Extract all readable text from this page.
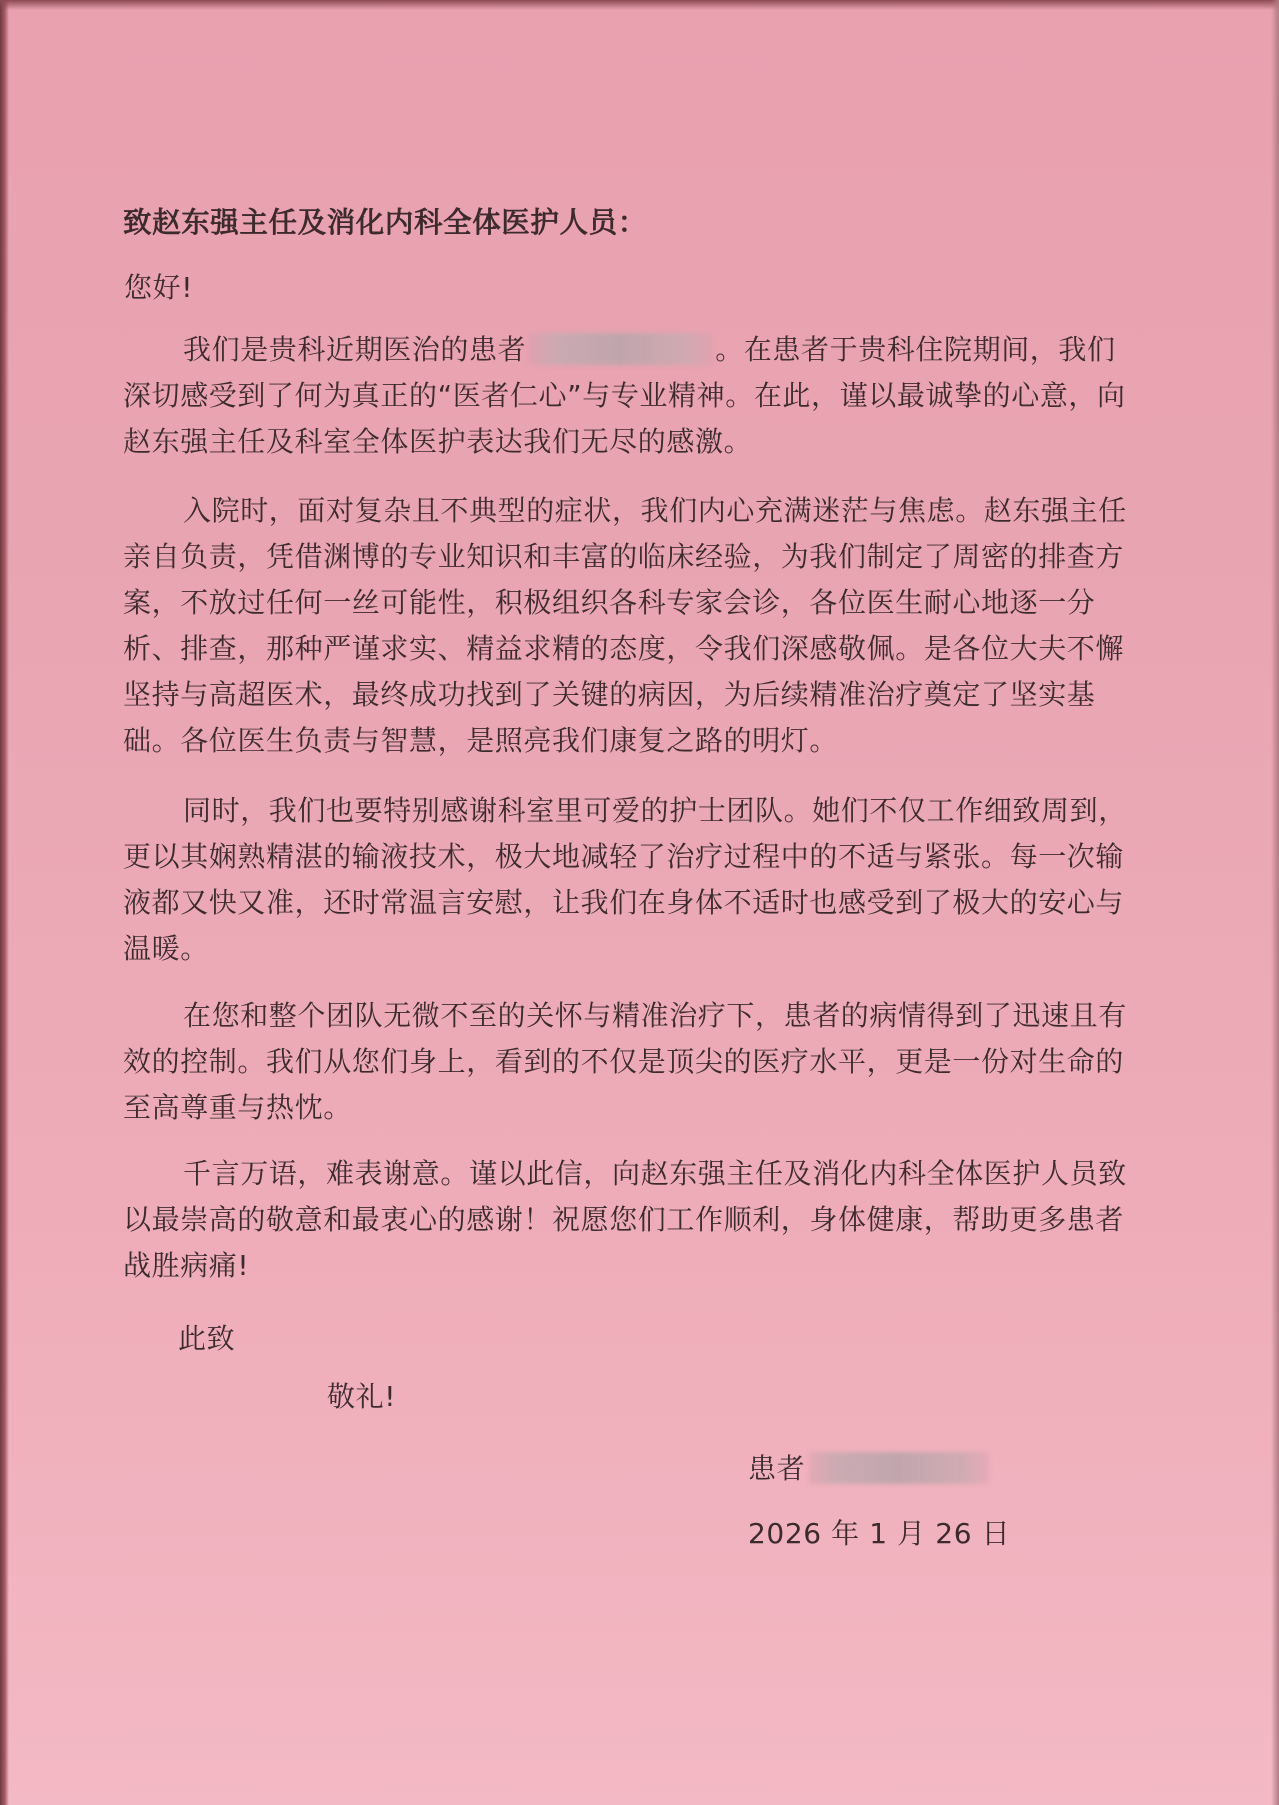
致赵东强主任及消化内科全体医护人员：
您好!

我们是贵科近期医治的患者	。在患者于贵科住院期间，我们深切感受到了何为真正的“医者仁心”与专业精神。在此，谨以最诚挚的心意，向赵东强主任及科室全体医护表达我们无尽的感激。

入院时，面对复杂且不典型的症状，我们内心充满迷茫与焦虑。赵东强主任亲自负责，凭借渊博的专业知识和丰富的临床经验，为我们制定了周密的排查方案，不放过任何一丝可能性，积极组织各科专家会诊，各位医生耐心地逐一分析、排查，那种严谨求实、精益求精的态度，令我们深感敬佩。是各位大夫不懈坚持与高超医术，最终成功找到了关键的病因，为后续精准治疗奠定了坚实基础。各位医生负责与智慧，是照亮我们康复之路的明灯。

同时，我们也要特别感谢科室里可爱的护士团队。她们不仅工作细致周到，更以其娴熟精湛的输液技术，极大地减轻了治疗过程中的不适与紧张。每一次输液都又快又准，还时常温言安慰，让我们在身体不适时也感受到了极大的安心与温暖。

在您和整个团队无微不至的关怀与精准治疗下，患者的病情得到了迅速且有效的控制。我们从您们身上，看到的不仅是顶尖的医疗水平，更是一份对生命的至高尊重与热忱。

千言万语，难表谢意。谨以此信，向赵东强主任及消化内科全体医护人员致以最崇高的敬意和最衷心的感谢！祝愿您们工作顺利，身体健康，帮助更多患者战胜病痛!

此致
敬礼!
患者
2026 年 1 月 26 日
